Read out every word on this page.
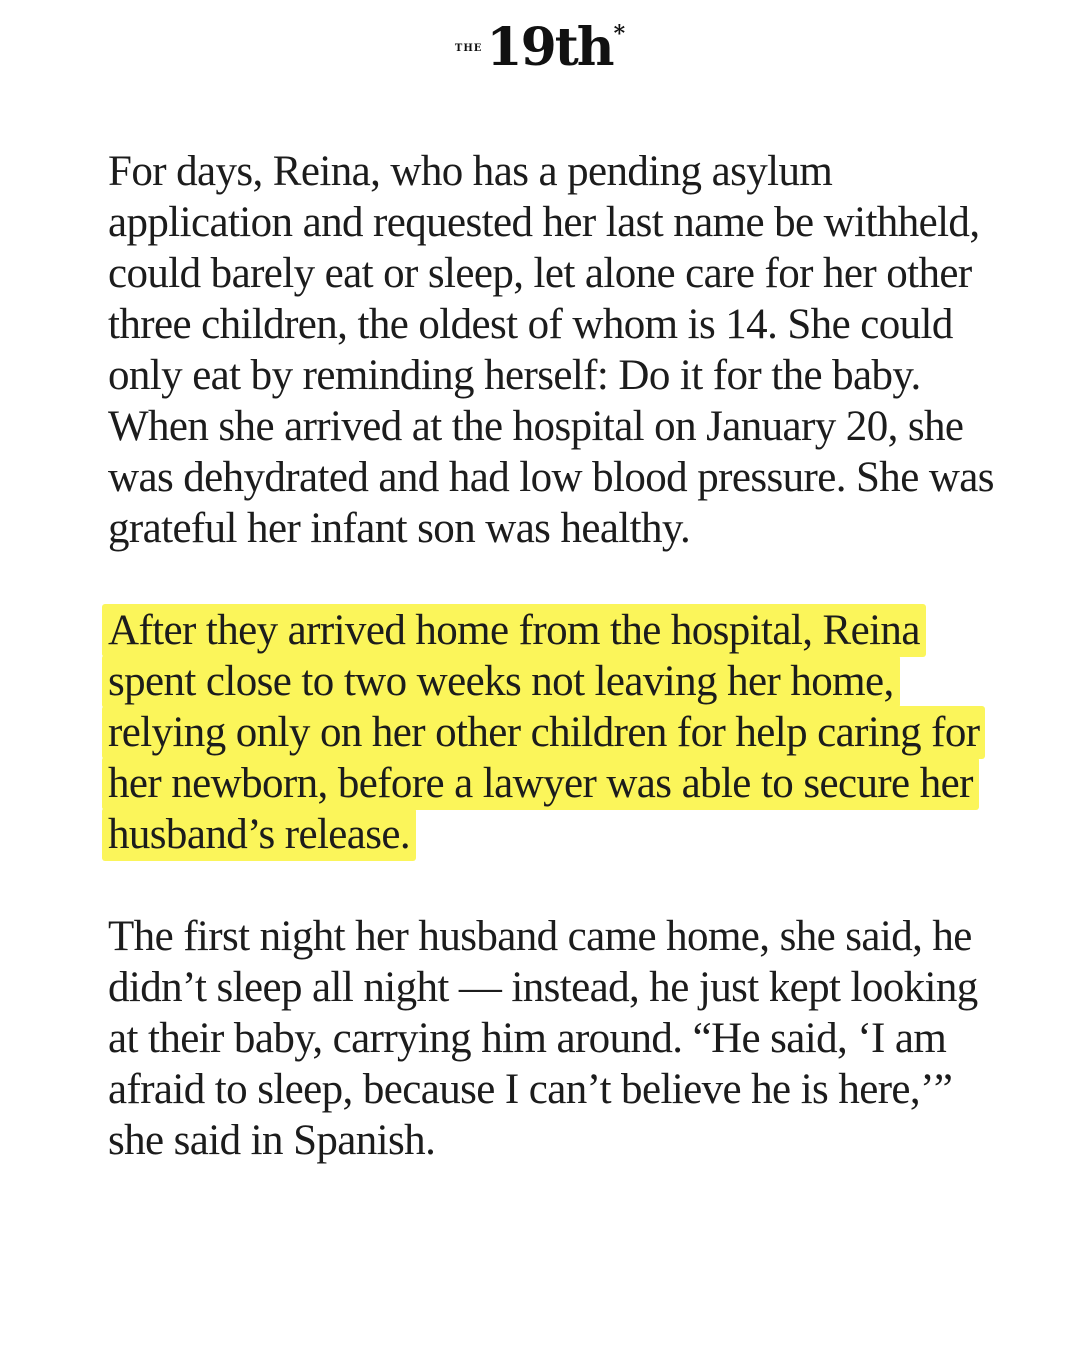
$^{THE}$19th*

For days, Reina, who has a pending asylum application and requested her last name be withheld, could barely eat or sleep, let alone care for her other three children, the oldest of whom is 14. She could only eat by reminding herself: Do it for the baby. When she arrived at the hospital on January 20, she was dehydrated and had low blood pressure. She was grateful her infant son was healthy.

After they arrived home from the hospital, Reina spent close to two weeks not leaving her home, relying only on her other children for help caring for her newborn, before a lawyer was able to secure her husband’s release.

The first night her husband came home, she said, he didn’t sleep all night — instead, he just kept looking at their baby, carrying him around. “He said, ‘I am afraid to sleep, because I can’t believe he is here,’” she said in Spanish.
